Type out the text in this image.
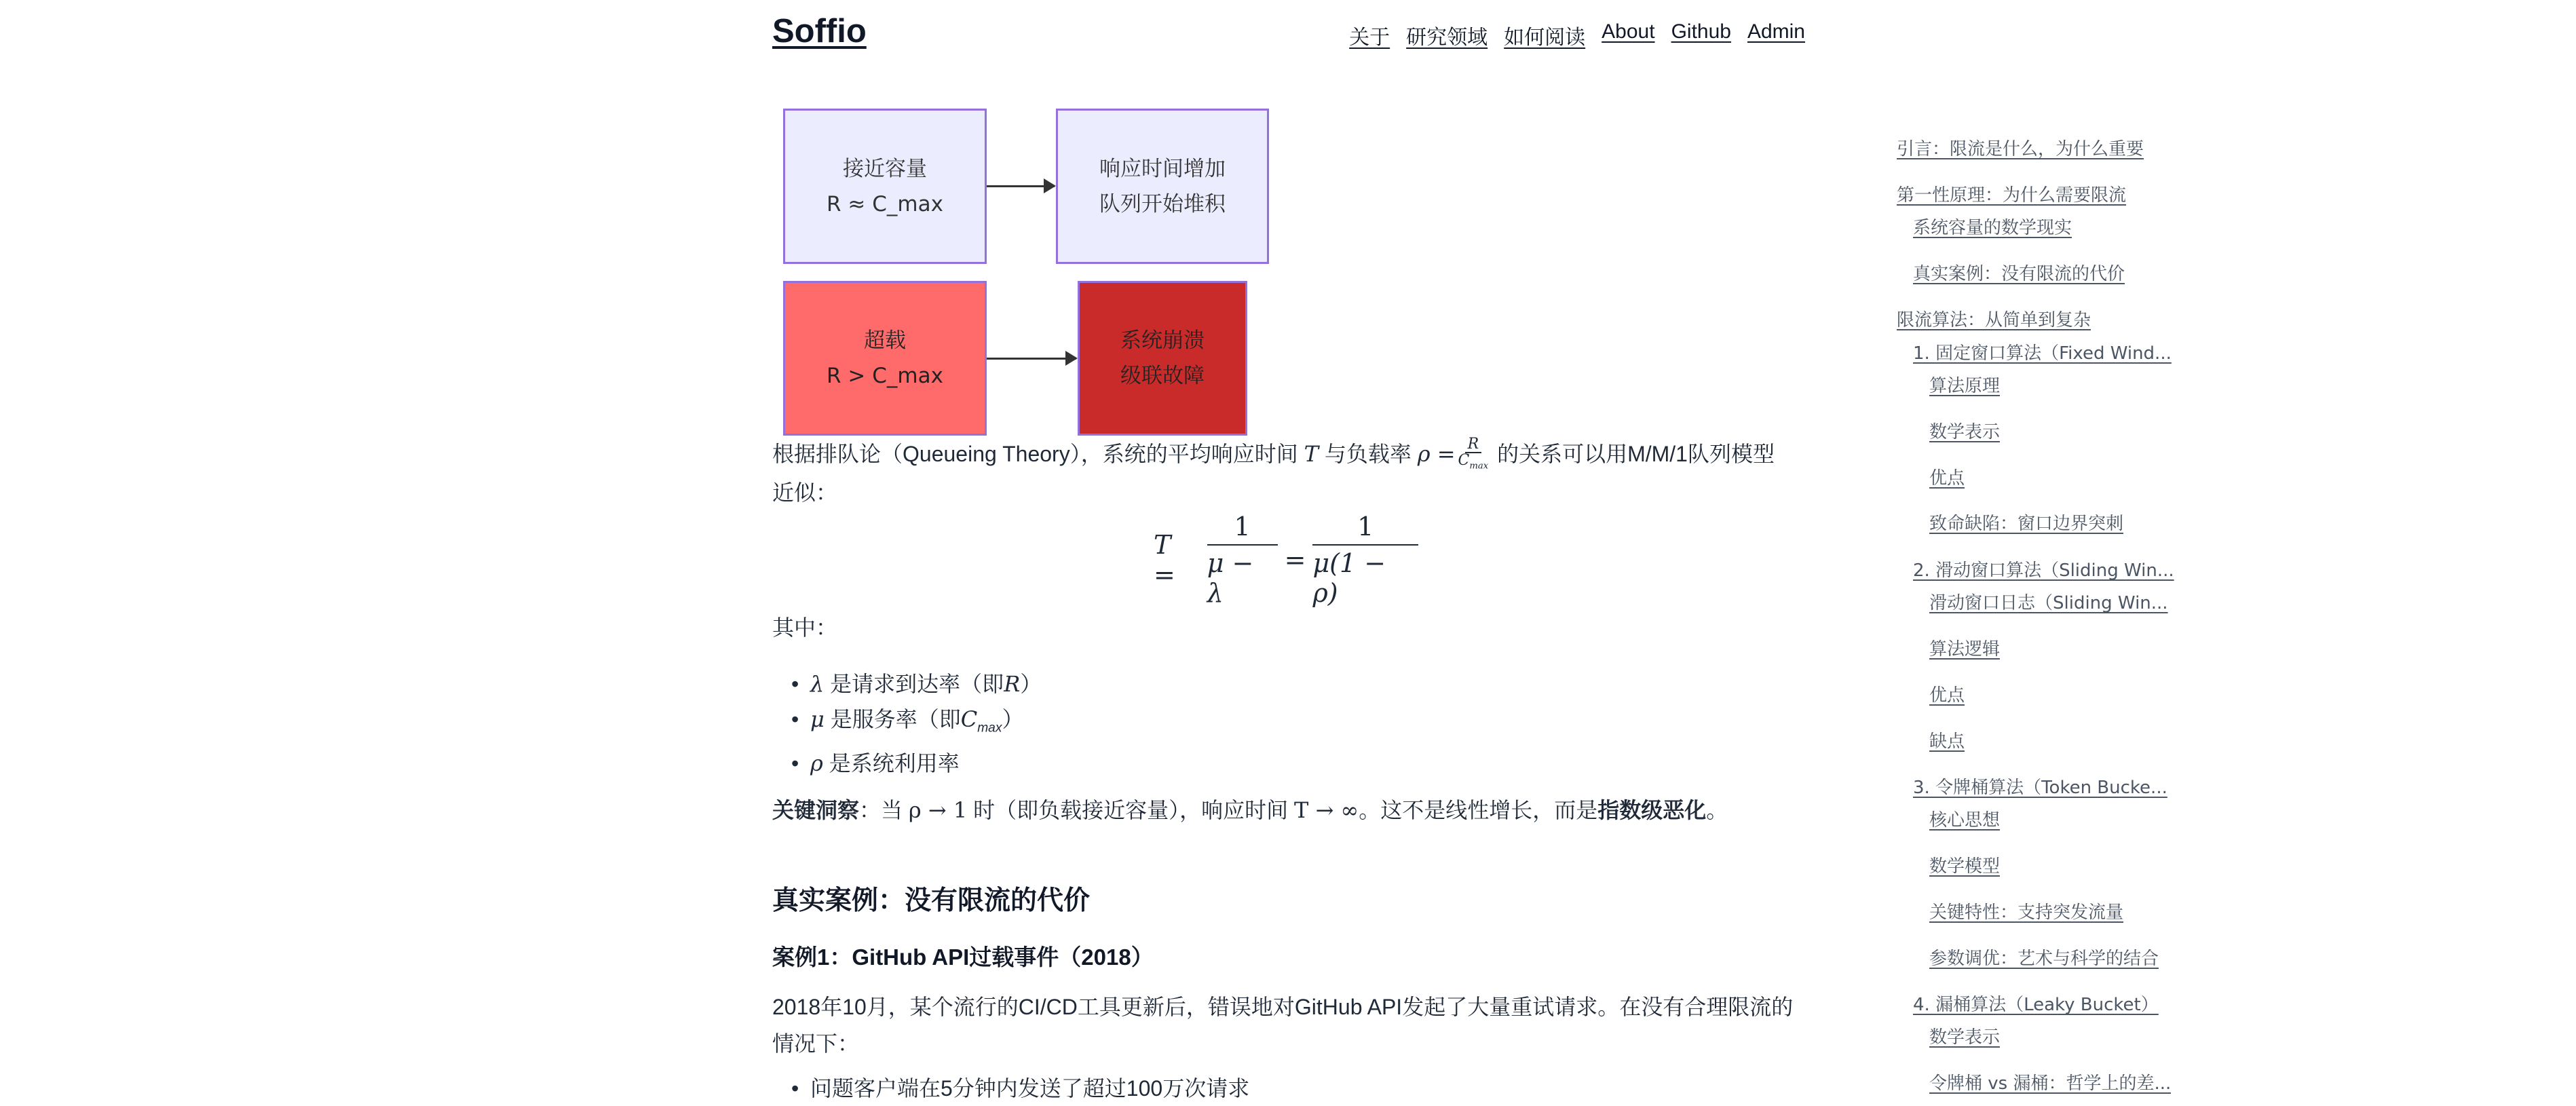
Soffio	关于 研究领域 如何阅读 About Github Admin
接近容量
R ≈ C_max
响应时间增加
队列开始堆积
超载
R > C_max
系统崩溃
级联故障
根据排队论（Queueing Theory），系统的平均响应时间 T 与负载率 $\rho = \frac{R}{C_{max}}$ 的关系可以用M/M/1队列模型
近似：
T =	$\frac{1}{\mu - \lambda} = \frac{1}{\mu(1 - \rho)}$
其中：
• λ 是请求到达率（即R）
• μ 是服务率（即$C_{max}$）
• ρ 是系统利用率
关键洞察：当 ρ → 1 时（即负载接近容量），响应时间 T → ∞。这不是线性增长，而是指数级恶化。
真实案例：没有限流的代价
案例1：GitHub API过载事件（2018）
2018年10月，某个流行的CI/CD工具更新后，错误地对GitHub API发起了大量重试请求。在没有合理限流的
情况下：
• 问题客户端在5分钟内发送了超过100万次请求
引言：限流是什么，为什么重要
第一性原理：为什么需要限流
系统容量的数学现实
真实案例：没有限流的代价
限流算法：从简单到复杂
1. 固定窗口算法（Fixed Wind...
算法原理
数学表示
优点
致命缺陷：窗口边界突刺
2. 滑动窗口算法（Sliding Win...
滑动窗口日志（Sliding Win...
算法逻辑
优点
缺点
3. 令牌桶算法（Token Bucke...
核心思想
数学模型
关键特性：支持突发流量
参数调优：艺术与科学的结合
4. 漏桶算法（Leaky Bucket）
数学表示
令牌桶 vs 漏桶：哲学上的差...
